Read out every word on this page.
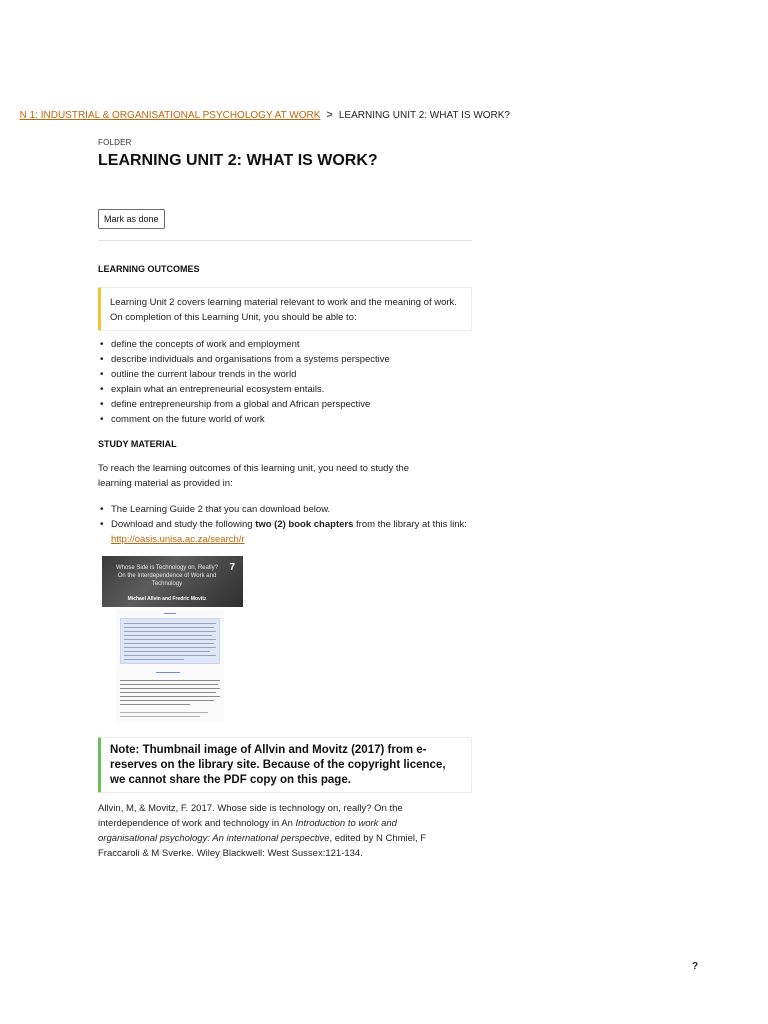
N 1: INDUSTRIAL & ORGANISATIONAL PSYCHOLOGY AT WORK > LEARNING UNIT 2: WHAT IS WORK?
FOLDER
LEARNING UNIT 2: WHAT IS WORK?
Mark as done
LEARNING OUTCOMES
Learning Unit 2 covers learning material relevant to work and the meaning of work. On completion of this Learning Unit, you should be able to:
• define the concepts of work and employment
• describe individuals and organisations from a systems perspective
• outline the current labour trends in the world
• explain what an entrepreneurial ecosystem entails.
• define entrepreneurship from a global and African perspective
• comment on the future world of work
STUDY MATERIAL
To reach the learning outcomes of this learning unit, you need to study the learning material as provided in:
• The Learning Guide 2 that you can download below.
• Download and study the following two (2) book chapters from the library at this link: http://oasis.unisa.ac.za/search/r
Whose Side is Technology on, Really? On the Interdependence of Work and Technology
7
Michael Allvin and Fredric Movitz
Note: Thumbnail image of Allvin and Movitz (2017) from e-reserves on the library site. Because of the copyright licence, we cannot share the PDF copy on this page.
Allvin, M, & Movitz, F. 2017. Whose side is technology on, really? On the interdependence of work and technology in An Introduction to work and organisational psychology: An international perspective, edited by N Chmiel, F Fraccaroli & M Sverke. Wiley Blackwell: West Sussex:121-134.
?
